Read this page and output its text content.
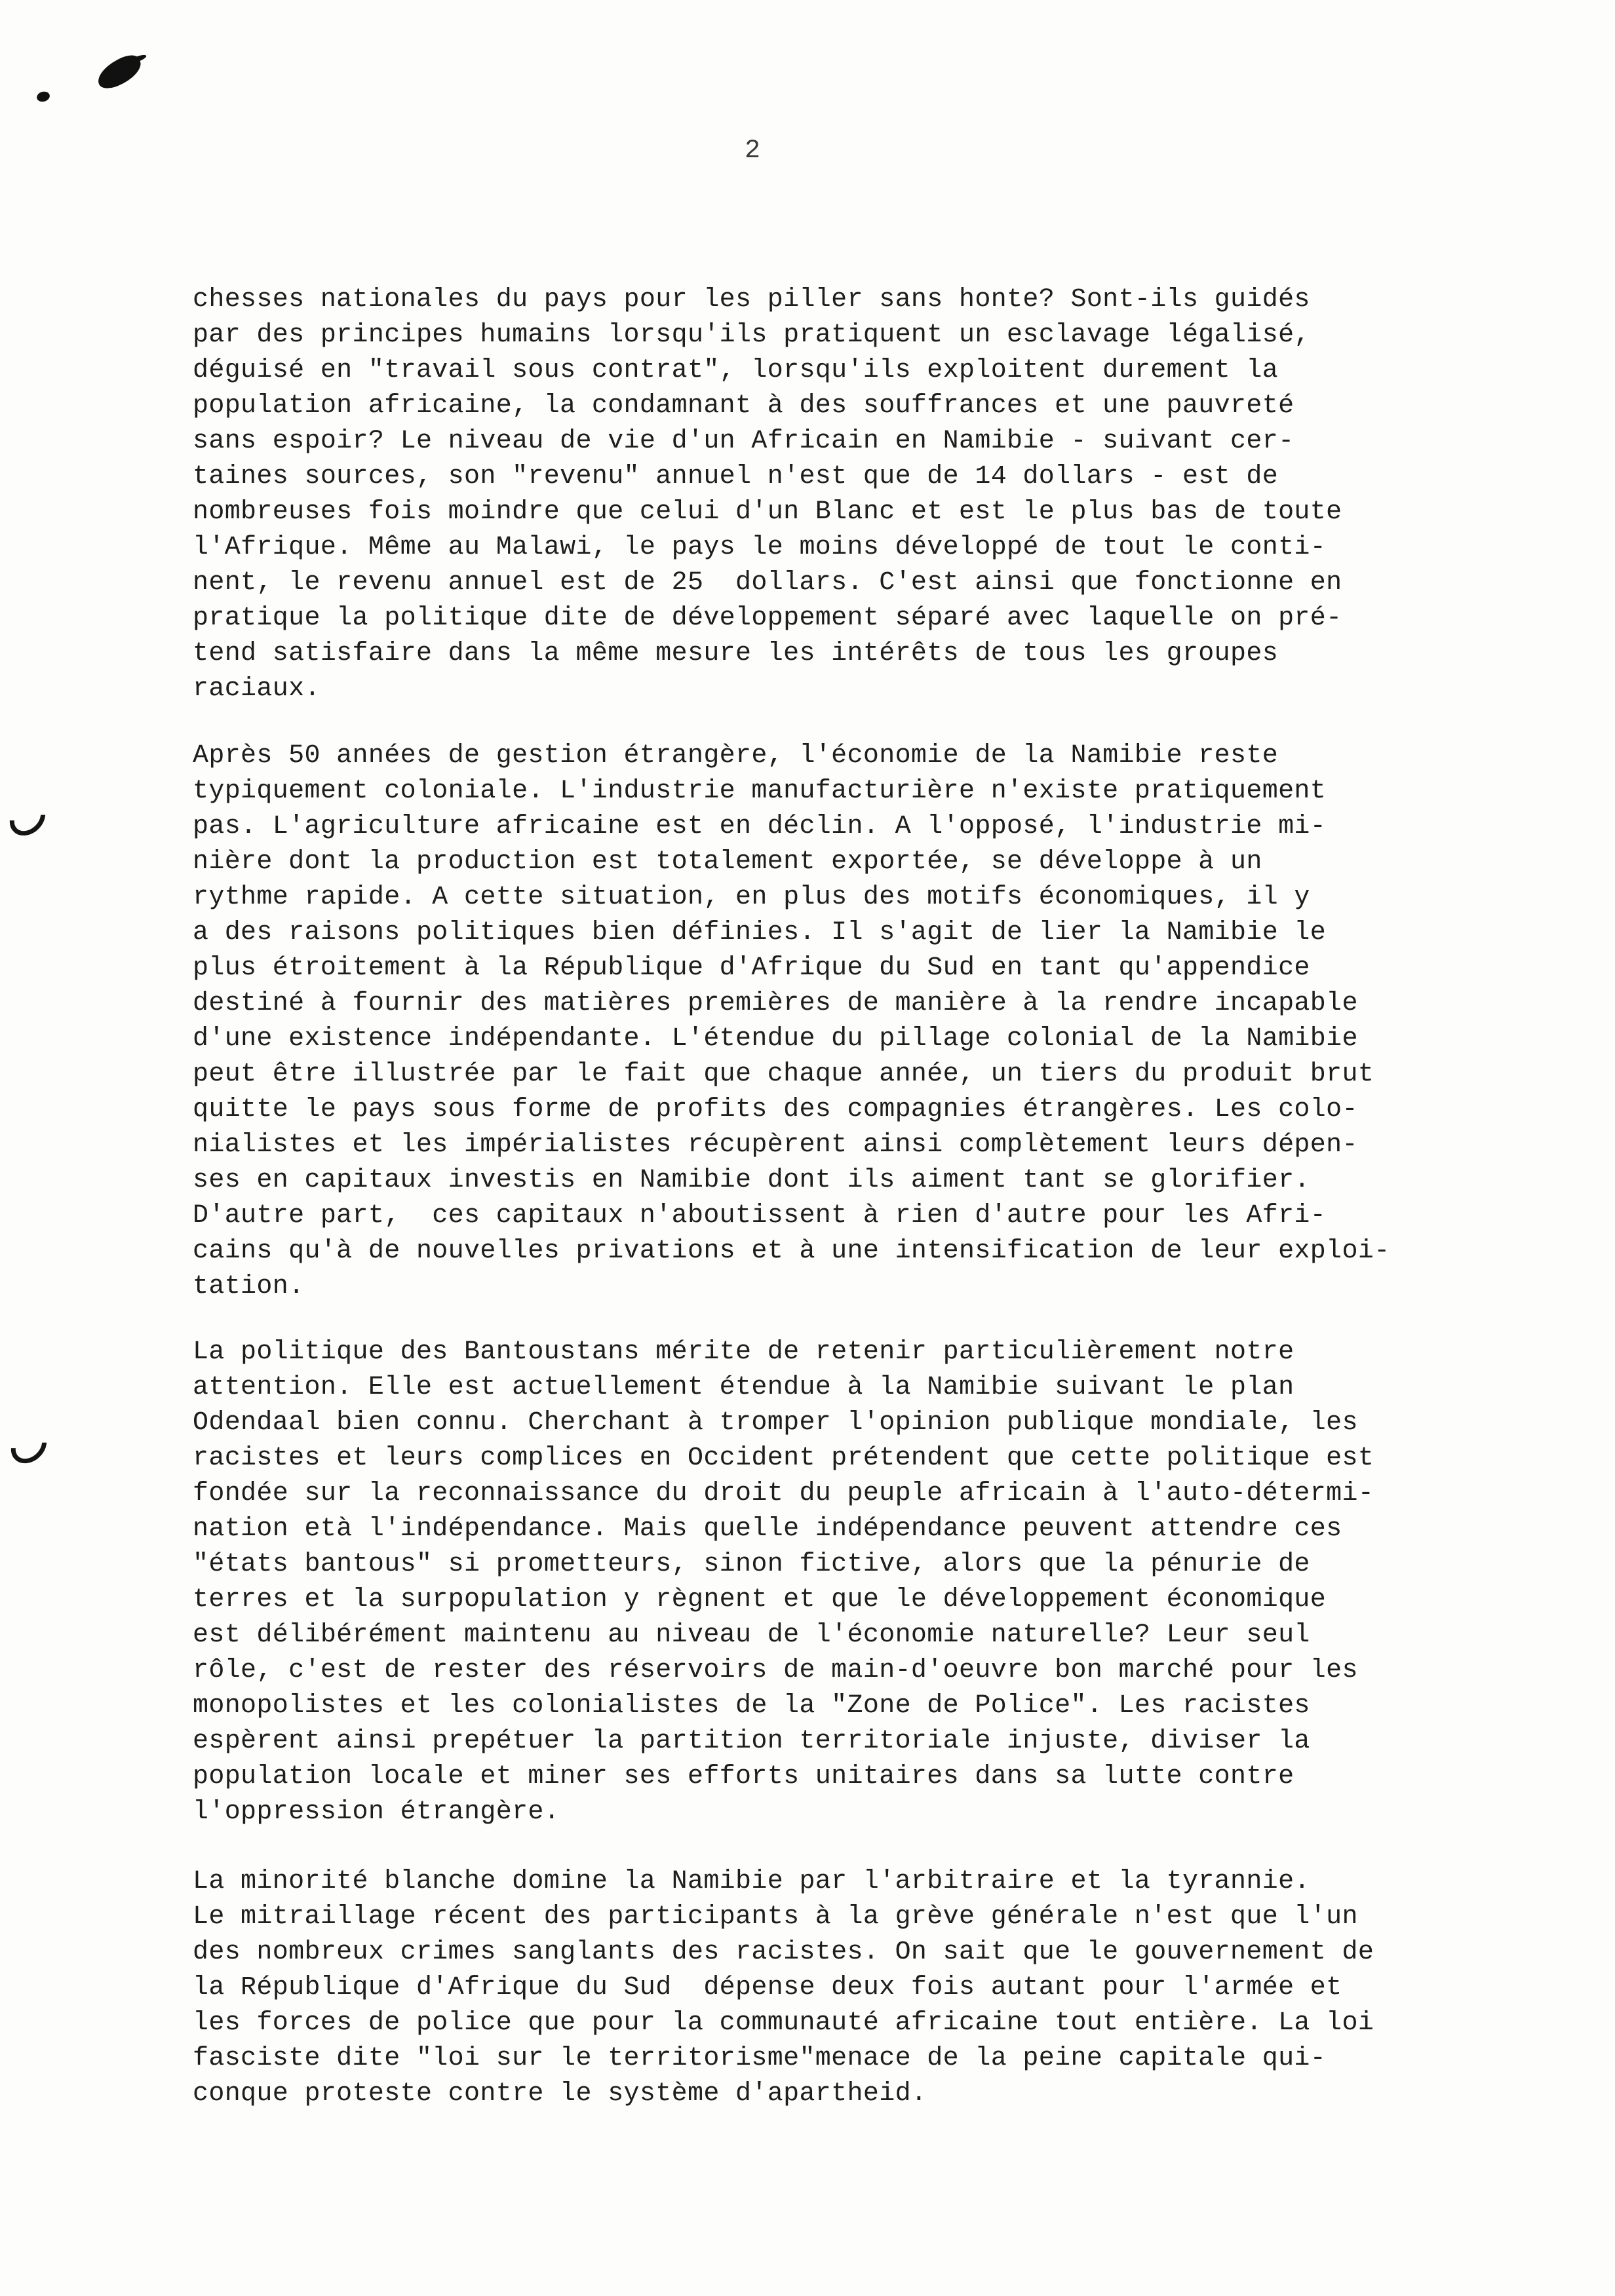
2
chesses nationales du pays pour les piller sans honte? Sont-ils guidés
par des principes humains lorsqu'ils pratiquent un esclavage légalisé,
déguisé en "travail sous contrat", lorsqu'ils exploitent durement la
population africaine, la condamnant à des souffrances et une pauvreté
sans espoir? Le niveau de vie d'un Africain en Namibie - suivant cer-
taines sources, son "revenu" annuel n'est que de 14 dollars - est de
nombreuses fois moindre que celui d'un Blanc et est le plus bas de toute
l'Afrique. Même au Malawi, le pays le moins développé de tout le conti-
nent, le revenu annuel est de 25  dollars. C'est ainsi que fonctionne en
pratique la politique dite de développement séparé avec laquelle on pré-
tend satisfaire dans la même mesure les intérêts de tous les groupes
raciaux.
Après 50 années de gestion étrangère, l'économie de la Namibie reste
typiquement coloniale. L'industrie manufacturière n'existe pratiquement
pas. L'agriculture africaine est en déclin. A l'opposé, l'industrie mi-
nière dont la production est totalement exportée, se développe à un
rythme rapide. A cette situation, en plus des motifs économiques, il y
a des raisons politiques bien définies. Il s'agit de lier la Namibie le
plus étroitement à la République d'Afrique du Sud en tant qu'appendice
destiné à fournir des matières premières de manière à la rendre incapable
d'une existence indépendante. L'étendue du pillage colonial de la Namibie
peut être illustrée par le fait que chaque année, un tiers du produit brut
quitte le pays sous forme de profits des compagnies étrangères. Les colo-
nialistes et les impérialistes récupèrent ainsi complètement leurs dépen-
ses en capitaux investis en Namibie dont ils aiment tant se glorifier.
D'autre part,  ces capitaux n'aboutissent à rien d'autre pour les Afri-
cains qu'à de nouvelles privations et à une intensification de leur exploi-
tation.
La politique des Bantoustans mérite de retenir particulièrement notre
attention. Elle est actuellement étendue à la Namibie suivant le plan
Odendaal bien connu. Cherchant à tromper l'opinion publique mondiale, les
racistes et leurs complices en Occident prétendent que cette politique est
fondée sur la reconnaissance du droit du peuple africain à l'auto-détermi-
nation età l'indépendance. Mais quelle indépendance peuvent attendre ces
"états bantous" si prometteurs, sinon fictive, alors que la pénurie de
terres et la surpopulation y règnent et que le développement économique
est délibérément maintenu au niveau de l'économie naturelle? Leur seul
rôle, c'est de rester des réservoirs de main-d'oeuvre bon marché pour les
monopolistes et les colonialistes de la "Zone de Police". Les racistes
espèrent ainsi prepétuer la partition territoriale injuste, diviser la
population locale et miner ses efforts unitaires dans sa lutte contre
l'oppression étrangère.
La minorité blanche domine la Namibie par l'arbitraire et la tyrannie.
Le mitraillage récent des participants à la grève générale n'est que l'un
des nombreux crimes sanglants des racistes. On sait que le gouvernement de
la République d'Afrique du Sud  dépense deux fois autant pour l'armée et
les forces de police que pour la communauté africaine tout entière. La loi
fasciste dite "loi sur le territorisme"menace de la peine capitale qui-
conque proteste contre le système d'apartheid.
